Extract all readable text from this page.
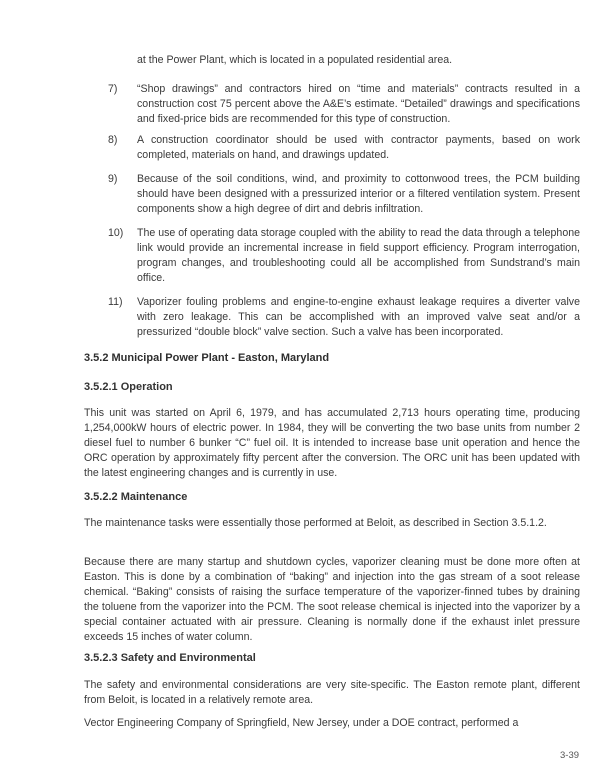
at the Power Plant, which is located in a populated residential area.

7)	“Shop drawings” and contractors hired on “time and materials” contracts resulted in a construction cost 75 percent above the A&E’s estimate. “Detailed” drawings and specifications and fixed-price bids are recommended for this type of construction.
8)	A construction coordinator should be used with contractor payments, based on work completed, materials on hand, and drawings updated.
9)	Because of the soil conditions, wind, and proximity to cottonwood trees, the PCM building should have been designed with a pressurized interior or a filtered ventilation system. Present components show a high degree of dirt and debris infiltration.
10)	The use of operating data storage coupled with the ability to read the data through a telephone link would provide an incremental increase in field support efficiency. Program interrogation, program changes, and troubleshooting could all be accomplished from Sundstrand’s main office.
11)	Vaporizer fouling problems and engine-to-engine exhaust leakage requires a diverter valve with zero leakage. This can be accomplished with an improved valve seat and/or a pressurized “double block” valve section. Such a valve has been incorporated.
3.5.2 Municipal Power Plant - Easton, Maryland
3.5.2.1 Operation

This unit was started on April 6, 1979, and has accumulated 2,713 hours operating time, producing 1,254,000kW hours of electric power. In 1984, they will be converting the two base units from number 2 diesel fuel to number 6 bunker “C” fuel oil. It is intended to increase base unit operation and hence the ORC operation by approximately fifty percent after the conversion. The ORC unit has been updated with the latest engineering changes and is currently in use.

3.5.2.2 Maintenance

The maintenance tasks were essentially those performed at Beloit, as described in Section 3.5.1.2.

Because there are many startup and shutdown cycles, vaporizer cleaning must be done more often at Easton. This is done by a combination of “baking” and injection into the gas stream of a soot release chemical. “Baking” consists of raising the surface temperature of the vaporizer-finned tubes by draining the toluene from the vaporizer into the PCM. The soot release chemical is injected into the vaporizer by a special container actuated with air pressure. Cleaning is normally done if the exhaust inlet pressure exceeds 15 inches of water column.

3.5.2.3 Safety and Environmental

The safety and environmental considerations are very site-specific. The Easton remote plant, different from Beloit, is located in a relatively remote area.

Vector Engineering Company of Springfield, New Jersey, under a DOE contract, performed a

3-39
